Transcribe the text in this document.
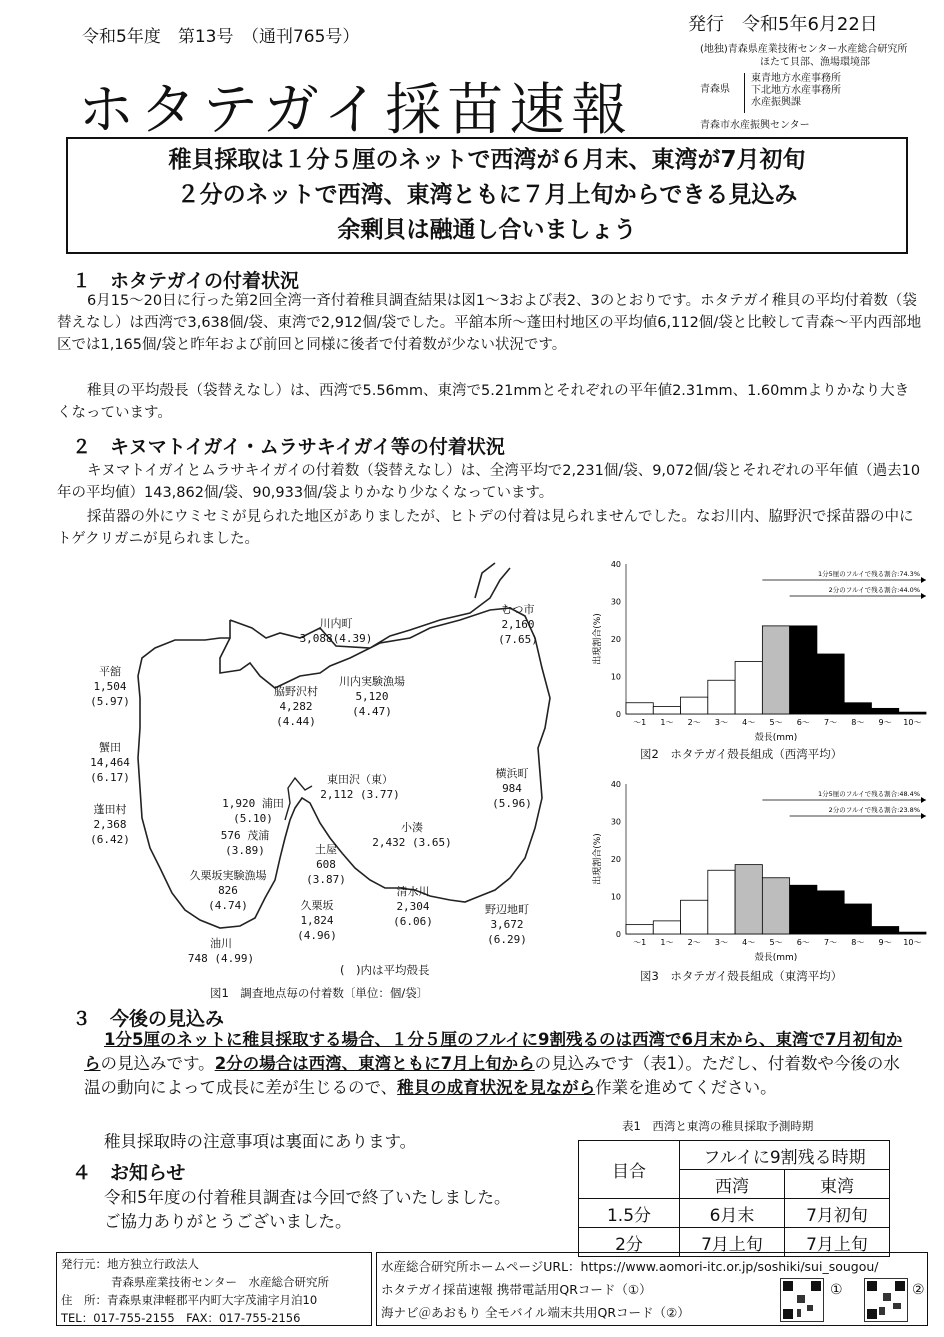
令和5年度　第13号　（通刊765号）
発行　令和5年6月22日
ホタテガイ採苗速報
(地独)青森県産業技術センター水産総合研究所
ほたて貝部、漁場環境部
青森県
東青地方水産事務所
下北地方水産事務所
水産振興課
青森市水産振興センター
稚貝採取は１分５厘のネットで西湾が６月末、東湾が7月初旬
２分のネットで西湾、東湾ともに７月上旬からできる見込み
余剰貝は融通し合いましょう
１　ホタテガイの付着状況
6月15～20日に行った第2回全湾一斉付着稚貝調査結果は図1～3および表2、3のとおりです。ホタテガイ稚貝の平均付着数（袋替えなし）は西湾で3,638個/袋、東湾で2,912個/袋でした。平舘本所～蓬田村地区の平均値6,112個/袋と比較して青森～平内西部地区では1,165個/袋と昨年および前回と同様に後者で付着数が少ない状況です。
稚貝の平均殻長（袋替えなし）は、西湾で5.56mm、東湾で5.21mmとそれぞれの平年値2.31mm、1.60mmよりかなり大きくなっています。
２　キヌマトイガイ・ムラサキイガイ等の付着状況
キヌマトイガイとムラサキイガイの付着数（袋替えなし）は、全湾平均で2,231個/袋、9,072個/袋とそれぞれの平年値（過去10年の平均値）143,862個/袋、90,933個/袋よりかなり少なくなっています。
採苗器の外にウミセミが見られた地区がありましたが、ヒトデの付着は見られませんでした。なお川内、脇野沢で採苗器の中にトゲクリガニが見られました。
川内町
3,088(4.39)
むつ市
2,160
(7.65)
平舘
1,504
(5.97)
脇野沢村
4,282
(4.44)
川内実験漁場
5,120
(4.47)
蟹田
14,464
(6.17)	東田沢（東）
2,112 (3.77)
横浜町
984
(5.96)
蓬田村
2,368
(6.42)
1,920 浦田
(5.10)
576 茂浦
(3.89)
小湊
2,432 (3.65)
土屋
608
(3.87)
久栗坂実験漁場
826
(4.74)
清水川
2,304
(6.06)
久栗坂
1,824
(4.96)
野辺地町
3,672
(6.29)
油川
748 (4.99)
(　)内は平均殻長
図1　調査地点毎の付着数〔単位：個/袋〕
0
10
20
30
40
～1 1～ 2～ 3～ 4～ 5～ 6～ 7～ 8～ 9～ 10～
殻長(mm)
出現割合(%)
1分5厘のフルイで残る割合:74.3%
2分のフルイで残る割合:44.0%
図2　ホタテガイ殻長組成（西湾平均）
0
10
20
30
40
～1 1～ 2～ 3～ 4～ 5～ 6～ 7～ 8～ 9～ 10～
殻長(mm)
出現割合(%)
1分5厘のフルイで残る割合:48.4%
2分のフルイで残る割合:23.8%
図3　ホタテガイ殻長組成（東湾平均）
３　今後の見込み
1分5厘のネットに稚貝採取する場合、１分５厘のフルイに9割残るのは西湾で6月末から、東湾で7月初旬からの見込みです。2分の場合は西湾、東湾ともに7月上旬からの見込みです（表1）。ただし、付着数や今後の水温の動向によって成長に差が生じるので、稚貝の成育状況を見ながら作業を進めてください。
稚貝採取時の注意事項は裏面にあります。
表1　西湾と東湾の稚貝採取予測時期
目合	フルイに9割残る時期	
	西湾	東湾
1.5分	6月末	7月初旬
2分	7月上旬	7月上旬
４　お知らせ
令和5年度の付着稚貝調査は今回で終了いたしました。
ご協力ありがとうございました。
発行元：地方独立行政法人
青森県産業技術センター　水産総合研究所
住　所：青森県東津軽郡平内町大字茂浦字月泊10
TEL：017-755-2155　FAX：017-755-2156
水産総合研究所ホームページURL：https://www.aomori-itc.or.jp/soshiki/sui_sougou/
ホタテガイ採苗速報 携帯電話用QRコード（①）
海ナビ＠あおもり 全モバイル端末共用QRコード（②）
①	②
